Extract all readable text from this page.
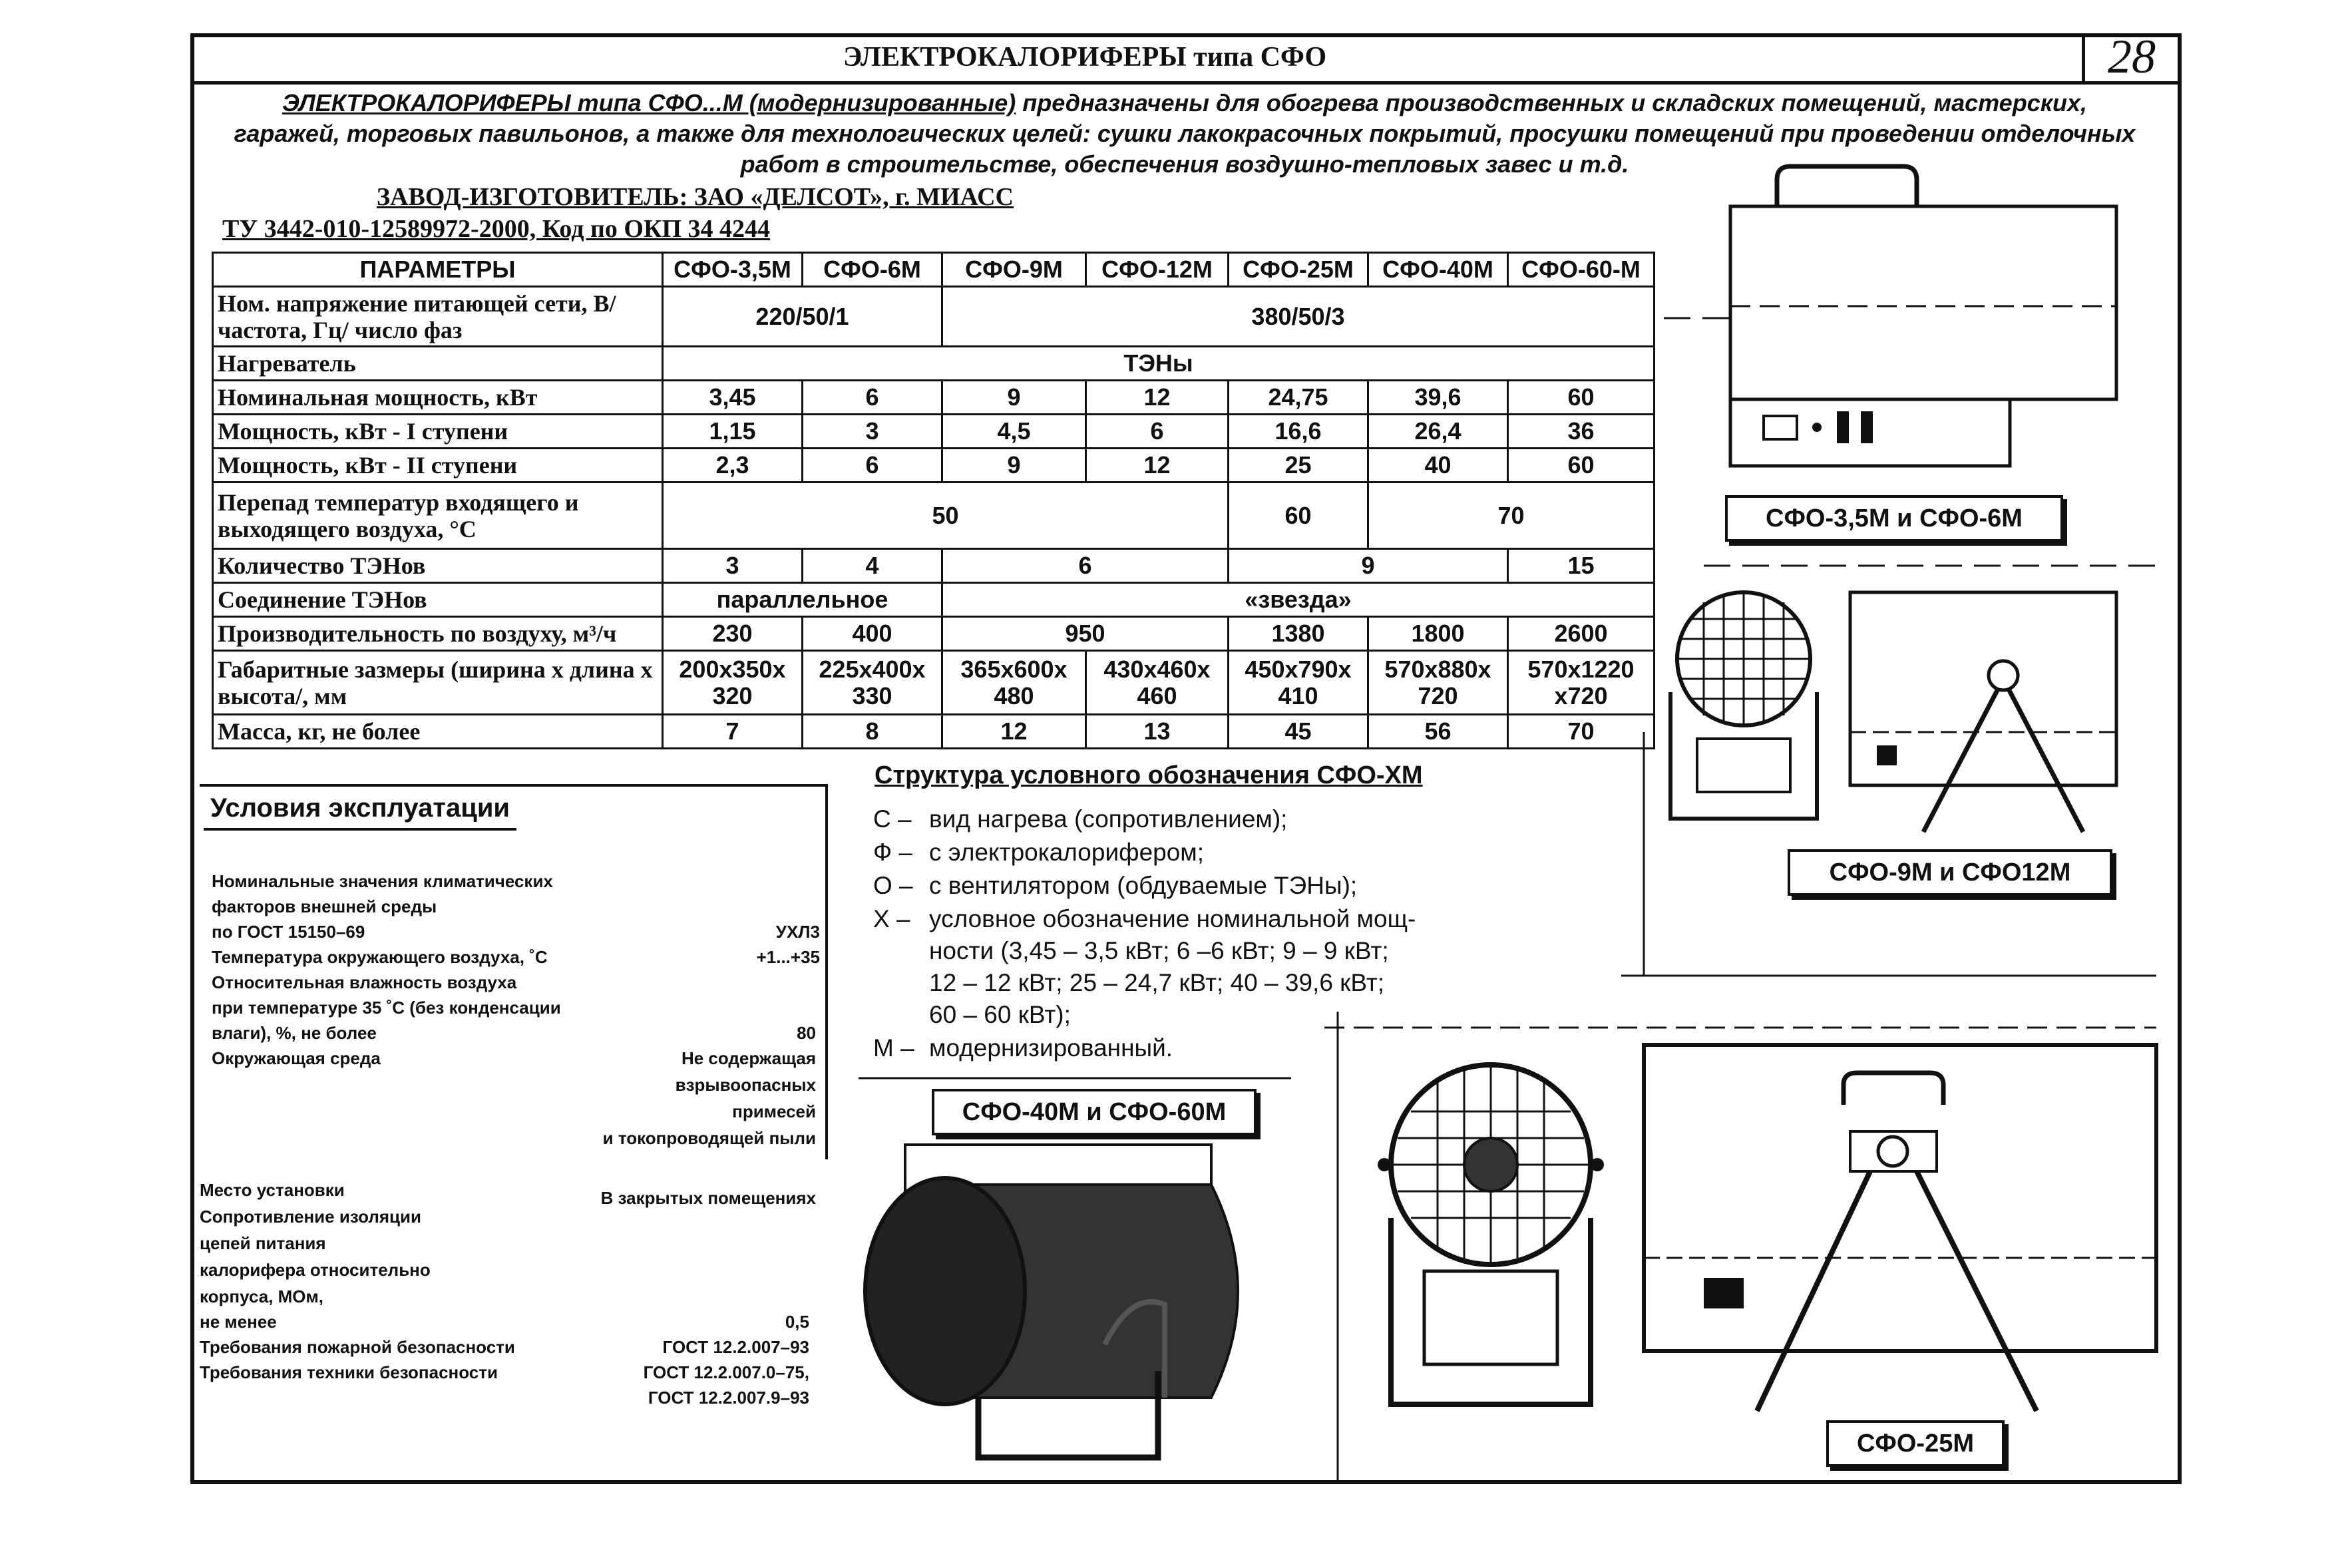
ЭЛЕКТРОКАЛОРИФЕРЫ типа СФО	28
ЭЛЕКТРОКАЛОРИФЕРЫ типа СФО...М (модернизированные) предназначены для обогрева производственных и складских помещений, мастерских,
гаражей, торговых павильонов, а также для технологических целей: сушки лакокрасочных покрытий, просушки помещений при проведении отделочных
работ в строительстве, обеспечения воздушно-тепловых завес и т.д.
ЗАВОД-ИЗГОТОВИТЕЛЬ: ЗАО «ДЕЛСОТ», г. МИАСС
ТУ 3442-010-12589972-2000, Код по ОКП 34 4244
ПАРАМЕТРЫ	СФО-3,5М	СФО-6М	СФО-9М	СФО-12М	СФО-25М	СФО-40М	СФО-60-М
Ном. напряжение питающей сети, В/ частота, Гц/ число фаз	220/50/1		380/50/3				
Нагреватель	ТЭНы						
Номинальная мощность, кВт	3,45	6	9	12	24,75	39,6	60
Мощность, кВт - I ступени	1,15	3	4,5	6	16,6	26,4	36
Мощность, кВт - II ступени	2,3	6	9	12	25	40	60
Перепад температур входящего и выходящего воздуха, °С	50				60	70	
Количество ТЭНов	3	4	6		9		15
Соединение ТЭНов	параллельное		«звезда»				
Производительность по воздуху, м³/ч	230	400	950		1380	1800	2600
Габаритные зазмеры (ширина х длина х высота/, мм	200x350x 320	225x400x 330	365x600x 480	430x460x 460	450x790x 410	570x880x 720	570x1220 x720
Масса, кг, не более	7	8	12	13	45	56	70
Условия эксплуатации
Номинальные значения климатических
факторов внешней среды
по ГОСТ 15150–69	УХЛ3
Температура окружающего воздуха, ˚С	+1...+35
Относительная влажность воздуха
при температуре 35 ˚С (без конденсации
влаги), %, не более	80
Окружающая среда	Не содержащая
взрывоопасных
примесей
и токопроводящей пыли
Место установки	В закрытых помещениях
Сопротивление изоляции
цепей питания
калорифера относительно
корпуса, МОм,
не менее	0,5
Требования пожарной безопасности	ГОСТ 12.2.007–93
Требования техники безопасности	ГОСТ 12.2.007.0–75,
ГОСТ 12.2.007.9–93
Структура условного обозначения СФО-ХМ
С – вид нагрева (сопротивлением);
Ф – с электрокалорифером;
О – с вентилятором (обдуваемые ТЭНы);
Х – условное обозначение номинальной мощ-
ности (3,45 – 3,5 кВт; 6 –6 кВт; 9 – 9 кВт;
12 – 12 кВт; 25 – 24,7 кВт; 40 – 39,6 кВт;
60 – 60 кВт);
М – модернизированный.
СФО-3,5М и СФО-6М
СФО-9М и СФО12М
СФО-40М и СФО-60М
СФО-25М
